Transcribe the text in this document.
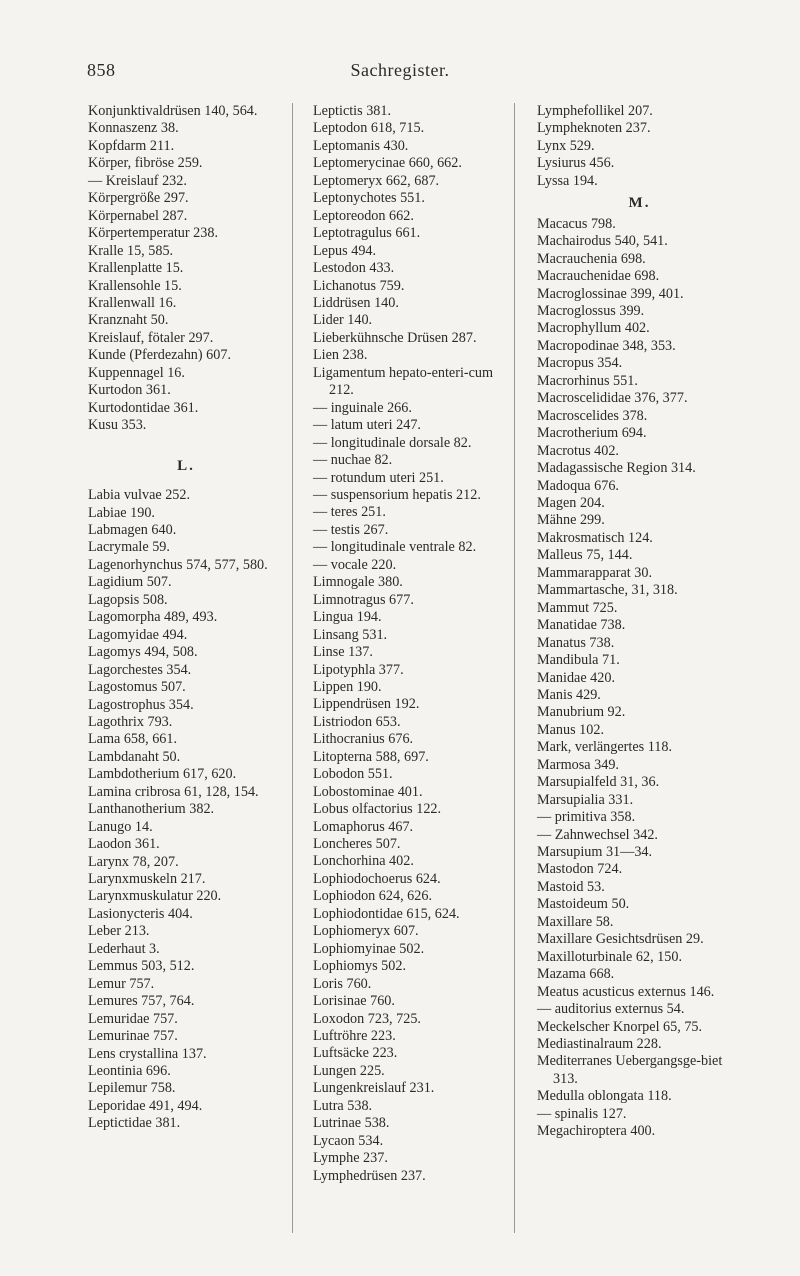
858	Sachregister.
Konjunktivaldrüsen 140, 564.
Konnaszenz 38.
Kopfdarm 211.
Körper, fibröse 259.
— Kreislauf 232.
Körpergröße 297.
Körpernabel 287.
Körpertemperatur 238.
Kralle 15, 585.
Krallenplatte 15.
Krallensohle 15.
Krallenwall 16.
Kranznaht 50.
Kreislauf, fötaler 297.
Kunde (Pferdezahn) 607.
Kuppennagel 16.
Kurtodon 361.
Kurtodontidae 361.
Kusu 353.
L.
Labia vulvae 252.
Labiae 190.
Labmagen 640.
Lacrymale 59.
Lagenorhynchus 574, 577, 580.
Lagidium 507.
Lagopsis 508.
Lagomorpha 489, 493.
Lagomyidae 494.
Lagomys 494, 508.
Lagorchestes 354.
Lagostomus 507.
Lagostrophus 354.
Lagothrix 793.
Lama 658, 661.
Lambdanaht 50.
Lambdotherium 617, 620.
Lamina cribrosa 61, 128, 154.
Lanthanotherium 382.
Lanugo 14.
Laodon 361.
Larynx 78, 207.
Larynxmuskeln 217.
Larynxmuskulatur 220.
Lasionycteris 404.
Leber 213.
Lederhaut 3.
Lemmus 503, 512.
Lemur 757.
Lemures 757, 764.
Lemuridae 757.
Lemurinae 757.
Lens crystallina 137.
Leontinia 696.
Lepilemur 758.
Leporidae 491, 494.
Leptictidae 381.
Leptictis 381.
Leptodon 618, 715.
Leptomanis 430.
Leptomerycinae 660, 662.
Leptomeryx 662, 687.
Leptonychotes 551.
Leptoreodon 662.
Leptotragulus 661.
Lepus 494.
Lestodon 433.
Lichanotus 759.
Liddrüsen 140.
Lider 140.
Lieberkühnsche Drüsen 287.
Lien 238.
Ligamentum hepato-enteri-cum 212.
— inguinale 266.
— latum uteri 247.
— longitudinale dorsale 82.
— nuchae 82.
— rotundum uteri 251.
— suspensorium hepatis 212.
— teres 251.
— testis 267.
— longitudinale ventrale 82.
— vocale 220.
Limnogale 380.
Limnotragus 677.
Lingua 194.
Linsang 531.
Linse 137.
Lipotyphla 377.
Lippen 190.
Lippendrüsen 192.
Listriodon 653.
Lithocranius 676.
Litopterna 588, 697.
Lobodon 551.
Lobostominae 401.
Lobus olfactorius 122.
Lomaphorus 467.
Loncheres 507.
Lonchorhina 402.
Lophiodochoerus 624.
Lophiodon 624, 626.
Lophiodontidae 615, 624.
Lophiomeryx 607.
Lophiomyinae 502.
Lophiomys 502.
Loris 760.
Lorisinae 760.
Loxodon 723, 725.
Luftröhre 223.
Luftsäcke 223.
Lungen 225.
Lungenkreislauf 231.
Lutra 538.
Lutrinae 538.
Lycaon 534.
Lymphe 237.
Lymphedrüsen 237.
Lymphefollikel 207.
Lympheknoten 237.
Lynx 529.
Lysiurus 456.
Lyssa 194.
M.
Macacus 798.
Machairodus 540, 541.
Macrauchenia 698.
Macrauchenidae 698.
Macroglossinae 399, 401.
Macroglossus 399.
Macrophyllum 402.
Macropodinae 348, 353.
Macropus 354.
Macrorhinus 551.
Macroscelididae 376, 377.
Macroscelides 378.
Macrotherium 694.
Macrotus 402.
Madagassische Region 314.
Madoqua 676.
Magen 204.
Mähne 299.
Makrosmatisch 124.
Malleus 75, 144.
Mammarapparat 30.
Mammartasche, 31, 318.
Mammut 725.
Manatidae 738.
Manatus 738.
Mandibula 71.
Manidae 420.
Manis 429.
Manubrium 92.
Manus 102.
Mark, verlängertes 118.
Marmosa 349.
Marsupialfeld 31, 36.
Marsupialia 331.
— primitiva 358.
— Zahnwechsel 342.
Marsupium 31—34.
Mastodon 724.
Mastoid 53.
Mastoideum 50.
Maxillare 58.
Maxillare Gesichtsdrüsen 29.
Maxilloturbinale 62, 150.
Mazama 668.
Meatus acusticus externus 146.
— auditorius externus 54.
Meckelscher Knorpel 65, 75.
Mediastinalraum 228.
Mediterranes Uebergangsge-biet 313.
Medulla oblongata 118.
— spinalis 127.
Megachiroptera 400.
